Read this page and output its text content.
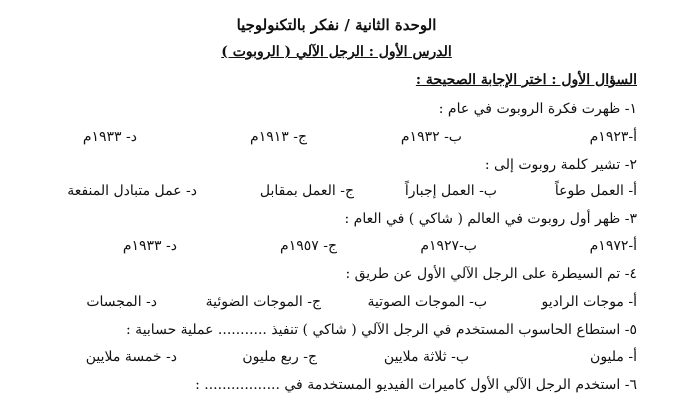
الوحدة الثانية / نفكر بالتكنولوجيا
الدرس الأول : الرجل الآلي ( الروبوت )
السؤال الأول : اختر الإجابة الصحيحة :
١- ظهرت فكرة الروبوت في عام :
أ-١٩٢٣م
ب- ١٩٣٢م
ج- ١٩١٣م
د- ١٩٣٣م
٢- تشير كلمة روبوت إلى :
أ- العمل طوعاً
ب- العمل إجباراً
ج- العمل بمقابل
د- عمل متبادل المنفعة
٣- ظهر أول روبوت في العالم ( شاكي ) في العام :
أ-١٩٧٢م
ب-١٩٢٧م
ج- ١٩٥٧م
د- ١٩٣٣م
٤- تم السيطرة على الرجل الآلي الأول عن طريق :
أ- موجات الراديو
ب- الموجات الصوتية
ج- الموجات الضوئية
د- المجسات
٥- استطاع الحاسوب المستخدم في الرجل الآلي ( شاكي ) تنفيذ ........... عملية حسابية :
أ- مليون
ب- ثلاثة ملايين
ج- ربع مليون
د- خمسة ملايين
٦- استخدم الرجل الآلي الأول كاميرات الفيديو المستخدمة في ................. :
